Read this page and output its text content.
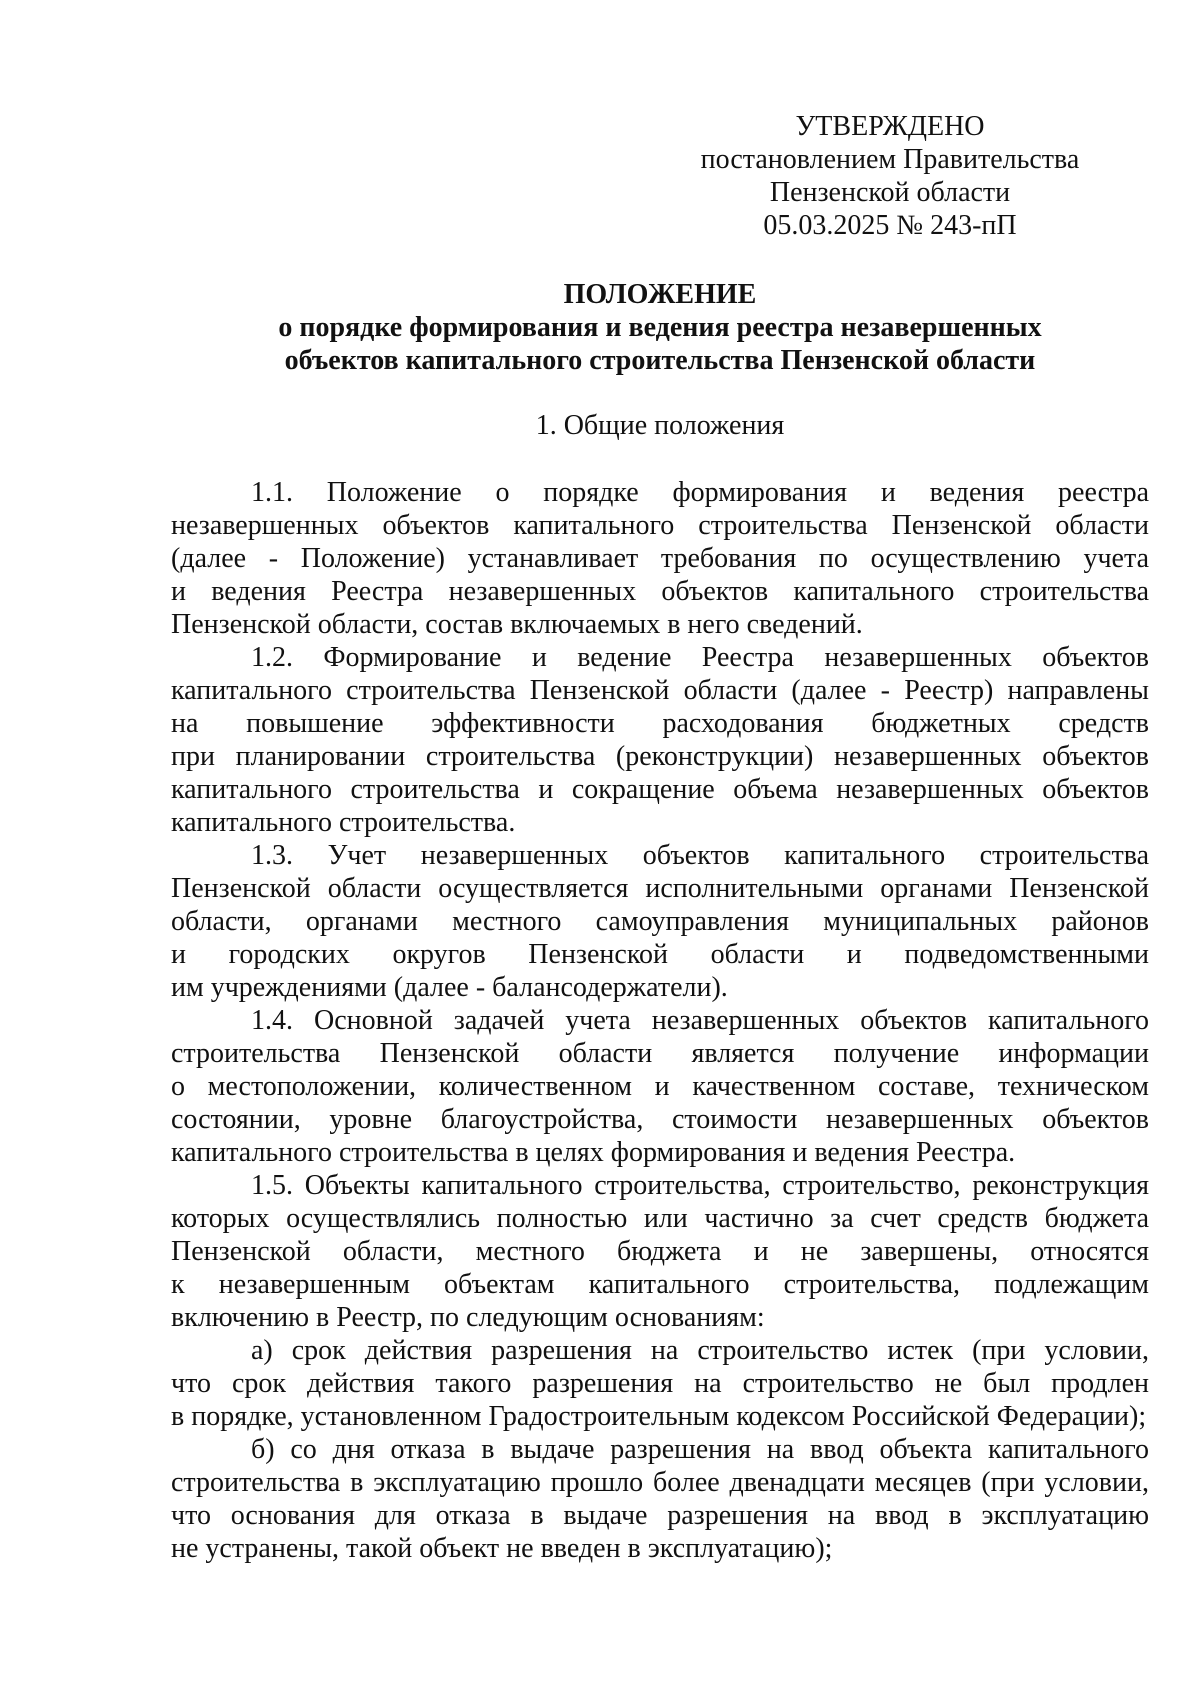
УТВЕРЖДЕНО
постановлением Правительства
Пензенской области
05.03.2025 № 243-пП
ПОЛОЖЕНИЕ
о порядке формирования и ведения реестра незавершенных
объектов капитального строительства Пензенской области
1. Общие положения
1.1. Положение о порядке формирования и ведения реестра
незавершенных объектов капитального строительства Пензенской области
(далее - Положение) устанавливает требования по осуществлению учета
и ведения Реестра незавершенных объектов капитального строительства
Пензенской области, состав включаемых в него сведений.
1.2. Формирование и ведение Реестра незавершенных объектов
капитального строительства Пензенской области (далее - Реестр) направлены
на повышение эффективности расходования бюджетных средств
при планировании строительства (реконструкции) незавершенных объектов
капитального строительства и сокращение объема незавершенных объектов
капитального строительства.
1.3. Учет незавершенных объектов капитального строительства
Пензенской области осуществляется исполнительными органами Пензенской
области, органами местного самоуправления муниципальных районов
и городских округов Пензенской области и подведомственными
им учреждениями (далее - балансодержатели).
1.4. Основной задачей учета незавершенных объектов капитального
строительства Пензенской области является получение информации
о местоположении, количественном и качественном составе, техническом
состоянии, уровне благоустройства, стоимости незавершенных объектов
капитального строительства в целях формирования и ведения Реестра.
1.5. Объекты капитального строительства, строительство, реконструкция
которых осуществлялись полностью или частично за счет средств бюджета
Пензенской области, местного бюджета и не завершены, относятся
к незавершенным объектам капитального строительства, подлежащим
включению в Реестр, по следующим основаниям:
а) срок действия разрешения на строительство истек (при условии,
что срок действия такого разрешения на строительство не был продлен
в порядке, установленном Градостроительным кодексом Российской Федерации);
б) со дня отказа в выдаче разрешения на ввод объекта капитального
строительства в эксплуатацию прошло более двенадцати месяцев (при условии,
что основания для отказа в выдаче разрешения на ввод в эксплуатацию
не устранены, такой объект не введен в эксплуатацию);
